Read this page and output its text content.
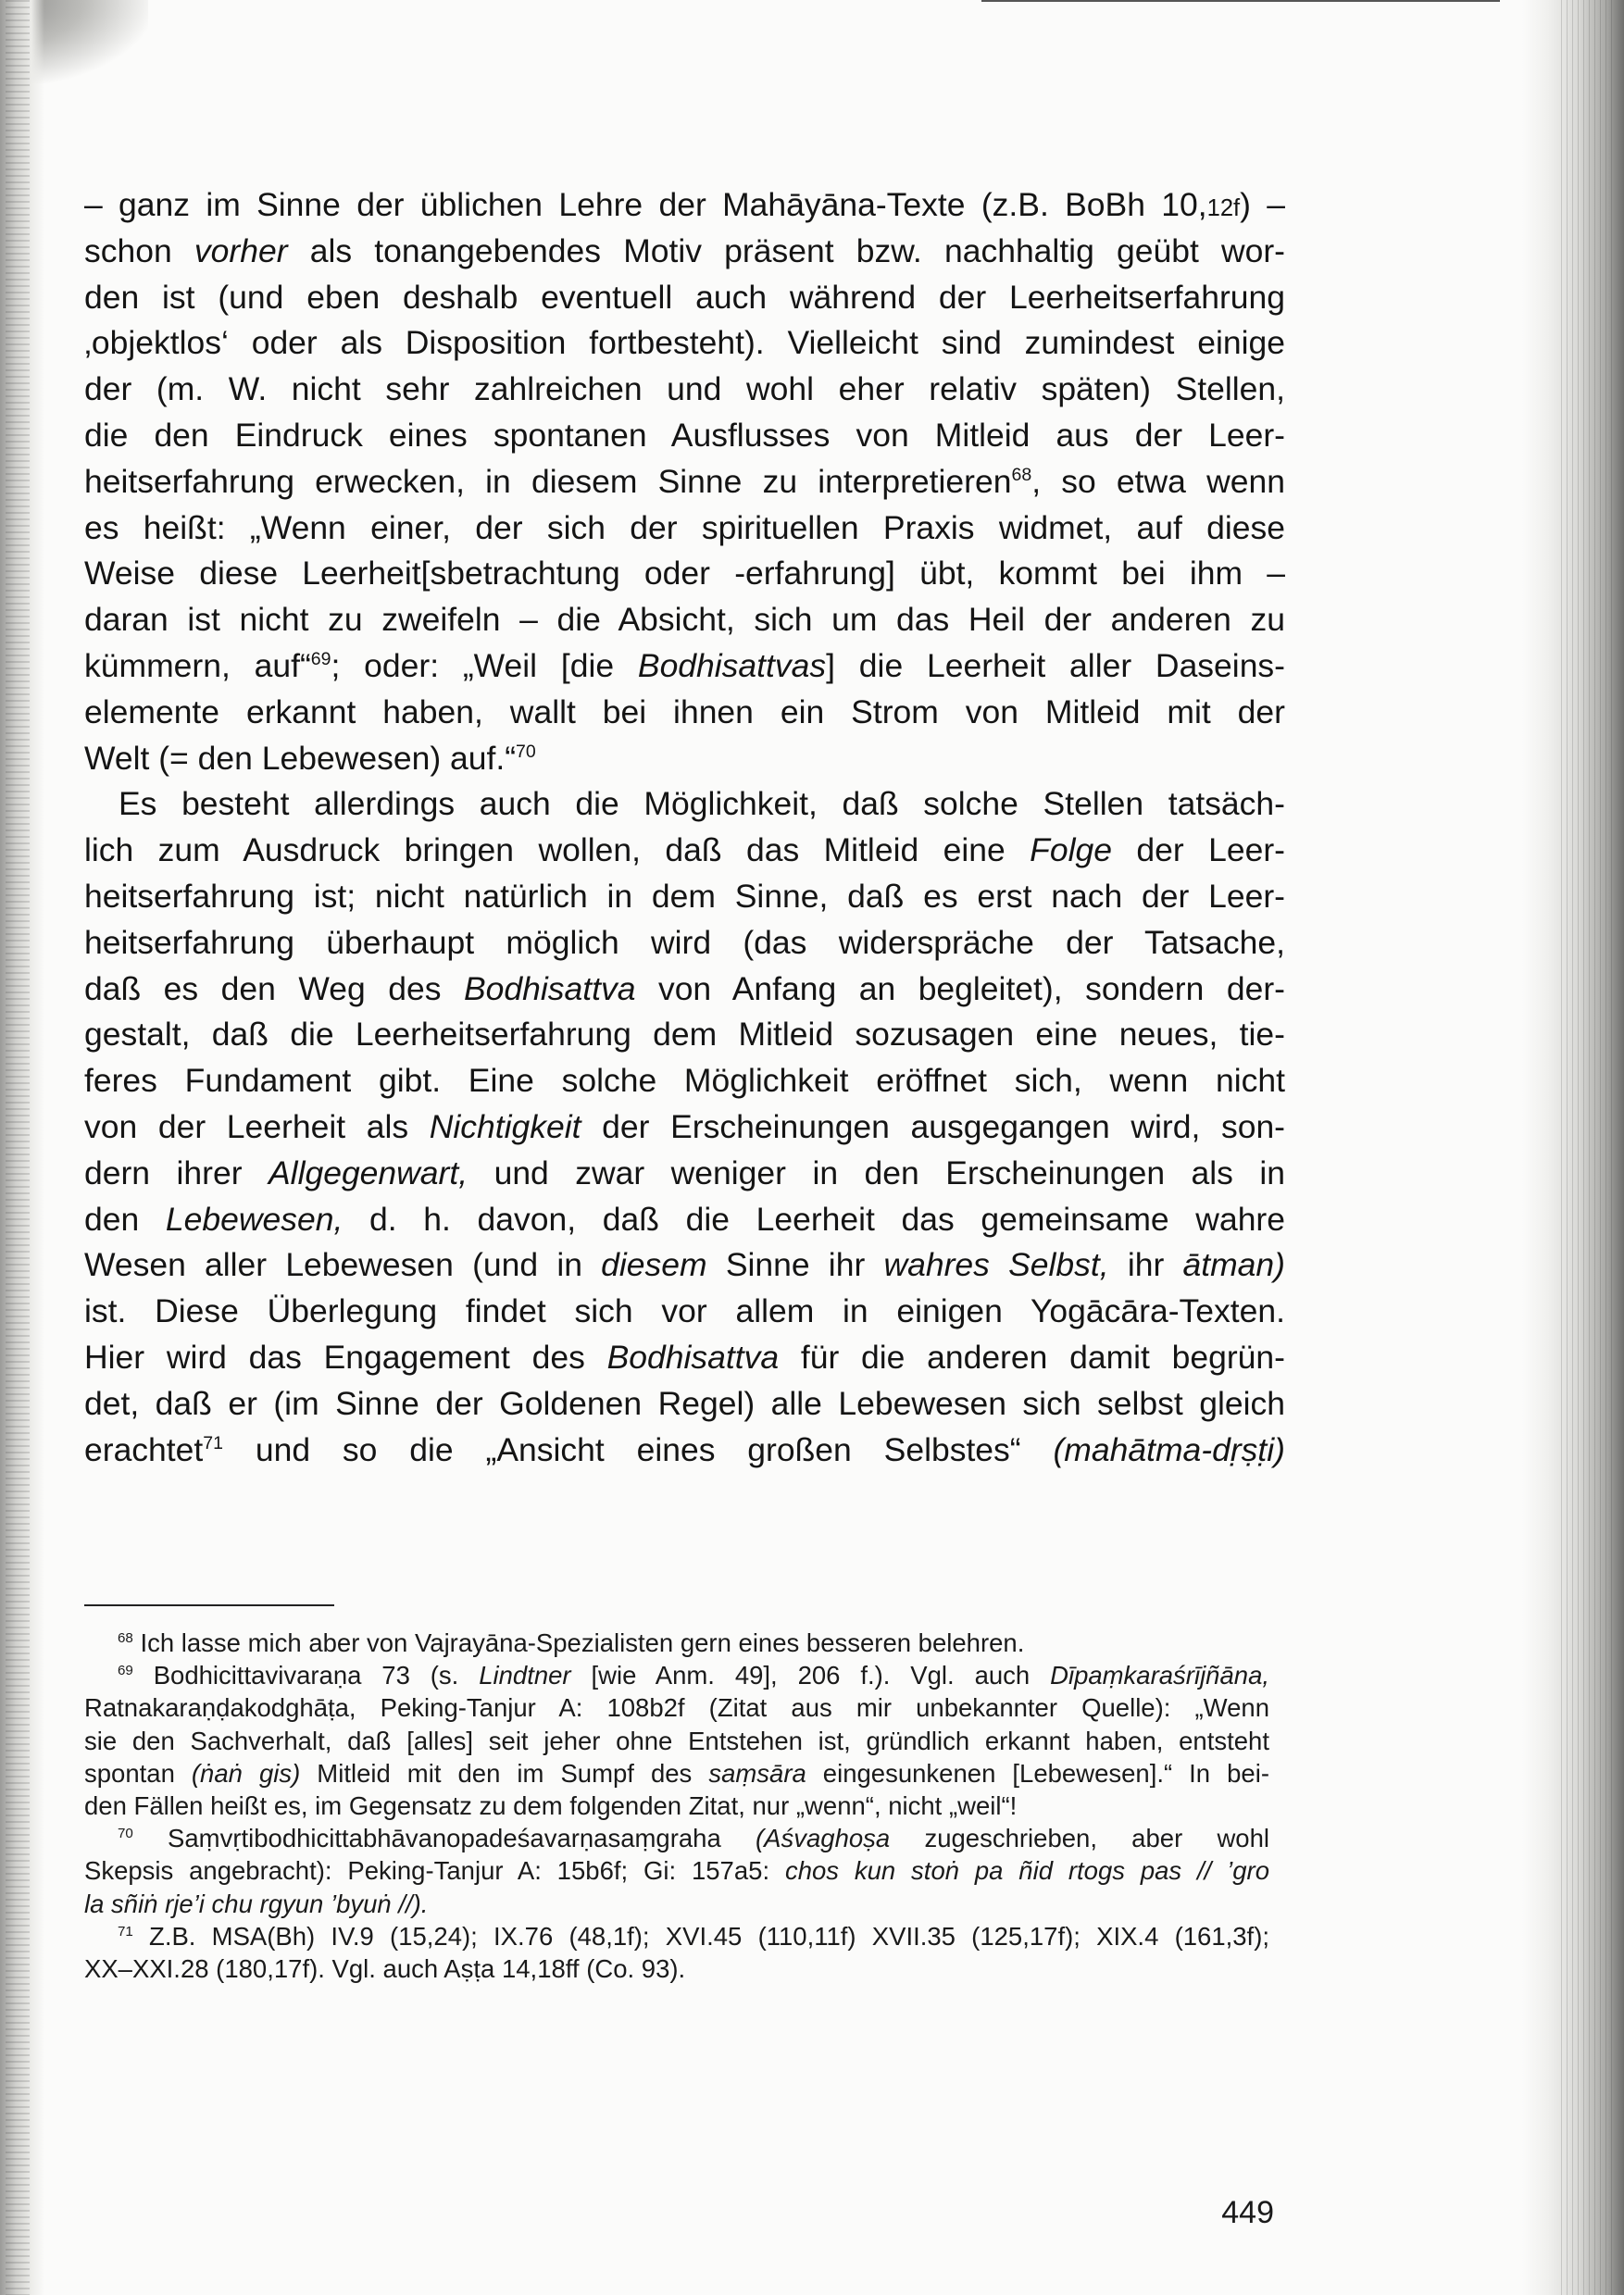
– ganz im Sinne der üblichen Lehre der Mahāyāna-Texte (z.B. BoBh 10,12f) –
schon vorher als tonangebendes Motiv präsent bzw. nachhaltig geübt wor-
den ist (und eben deshalb eventuell auch während der Leerheitserfahrung
‚objektlos‘ oder als Disposition fortbesteht). Vielleicht sind zumindest einige
der (m. W. nicht sehr zahlreichen und wohl eher relativ späten) Stellen,
die den Eindruck eines spontanen Ausflusses von Mitleid aus der Leer-
heitserfahrung erwecken, in diesem Sinne zu interpretieren$^{68}$, so etwa wenn
es heißt: „Wenn einer, der sich der spirituellen Praxis widmet, auf diese
Weise diese Leerheit[sbetrachtung oder -erfahrung] übt, kommt bei ihm –
daran ist nicht zu zweifeln – die Absicht, sich um das Heil der anderen zu
kümmern, auf“$^{69}$; oder: „Weil [die Bodhisattvas] die Leerheit aller Daseins-
elemente erkannt haben, wallt bei ihnen ein Strom von Mitleid mit der
Welt (= den Lebewesen) auf.“$^{70}$
Es besteht allerdings auch die Möglichkeit, daß solche Stellen tatsäch-
lich zum Ausdruck bringen wollen, daß das Mitleid eine Folge der Leer-
heitserfahrung ist; nicht natürlich in dem Sinne, daß es erst nach der Leer-
heitserfahrung überhaupt möglich wird (das widerspräche der Tatsache,
daß es den Weg des Bodhisattva von Anfang an begleitet), sondern der-
gestalt, daß die Leerheitserfahrung dem Mitleid sozusagen eine neues, tie-
feres Fundament gibt. Eine solche Möglichkeit eröffnet sich, wenn nicht
von der Leerheit als Nichtigkeit der Erscheinungen ausgegangen wird, son-
dern ihrer Allgegenwart, und zwar weniger in den Erscheinungen als in
den Lebewesen, d. h. davon, daß die Leerheit das gemeinsame wahre
Wesen aller Lebewesen (und in diesem Sinne ihr wahres Selbst, ihr ātman)
ist. Diese Überlegung findet sich vor allem in einigen Yogācāra-Texten.
Hier wird das Engagement des Bodhisattva für die anderen damit begrün-
det, daß er (im Sinne der Goldenen Regel) alle Lebewesen sich selbst gleich
erachtet$^{71}$ und so die „Ansicht eines großen Selbstes“ (mahātma-dṛṣṭi)
$^{68}$ Ich lasse mich aber von Vajrayāna-Spezialisten gern eines besseren belehren.
$^{69}$ Bodhicittavivaraṇa 73 (s. Lindtner [wie Anm. 49], 206 f.). Vgl. auch Dīpaṃkaraśrījñāna,
Ratnakaraṇḍakodghāṭa, Peking-Tanjur A: 108b2f (Zitat aus mir unbekannter Quelle): „Wenn
sie den Sachverhalt, daß [alles] seit jeher ohne Entstehen ist, gründlich erkannt haben, entsteht
spontan (ṅaṅ gis) Mitleid mit den im Sumpf des saṃsāra eingesunkenen [Lebewesen].“ In bei-
den Fällen heißt es, im Gegensatz zu dem folgenden Zitat, nur „wenn“, nicht „weil“!
$^{70}$ Saṃvṛtibodhicittabhāvanopadeśavarṇasaṃgraha (Aśvaghoṣa zugeschrieben, aber wohl
Skepsis angebracht): Peking-Tanjur A: 15b6f; Gi: 157a5: chos kun stoṅ pa ñid rtogs pas // ’gro
la sñiṅ rje’i chu rgyun ’byuṅ //).
$^{71}$ Z.B. MSA(Bh) IV.9 (15,24); IX.76 (48,1f); XVI.45 (110,11f) XVII.35 (125,17f); XIX.4 (161,3f);
XX–XXI.28 (180,17f). Vgl. auch Aṣṭa 14,18ff (Co. 93).
449
